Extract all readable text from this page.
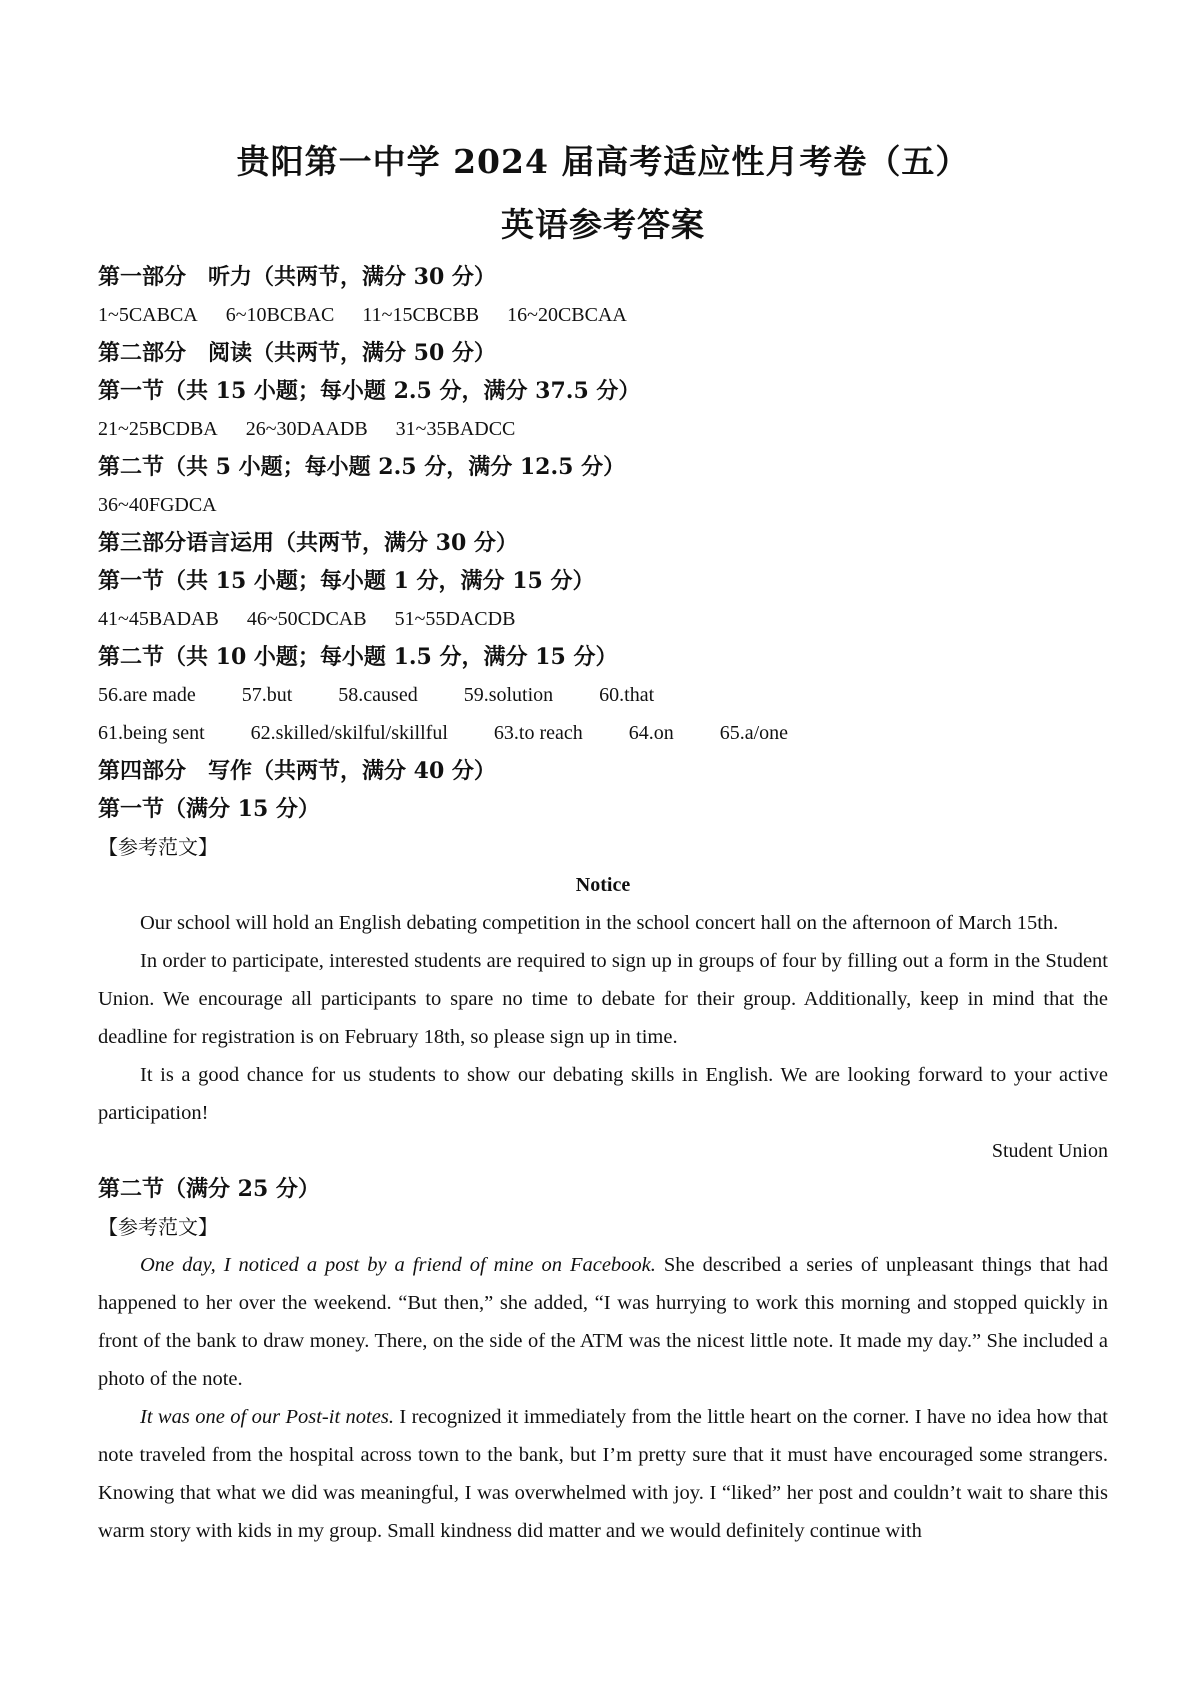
贵阳第一中学 2024 届高考适应性月考卷（五）
英语参考答案
第一部分　听力（共两节，满分 30 分）
1~5CABCA 6~10BCBAC 11~15CBCBB 16~20CBCAA
第二部分　阅读（共两节，满分 50 分）
第一节（共 15 小题；每小题 2.5 分，满分 37.5 分）
21~25BCDBA 26~30DAADB 31~35BADCC
第二节（共 5 小题；每小题 2.5 分，满分 12.5 分）
36~40FGDCA
第三部分语言运用（共两节，满分 30 分）
第一节（共 15 小题；每小题 1 分，满分 15 分）
41~45BADAB 46~50CDCAB 51~55DACDB
第二节（共 10 小题；每小题 1.5 分，满分 15 分）
56.are made 57.but 58.caused 59.solution 60.that
61.being sent 62.skilled/skilful/skillful 63.to reach 64.on 65.a/one
第四部分　写作（共两节，满分 40 分）
第一节（满分 15 分）
【参考范文】
Notice

Our school will hold an English debating competition in the school concert hall on the afternoon of March 15th.

In order to participate, interested students are required to sign up in groups of four by filling out a form in the Student Union. We encourage all participants to spare no time to debate for their group. Additionally, keep in mind that the deadline for registration is on February 18th, so please sign up in time.

It is a good chance for us students to show our debating skills in English. We are looking forward to your active participation!

Student Union
第二节（满分 25 分）
【参考范文】

One day, I noticed a post by a friend of mine on Facebook. She described a series of unpleasant things that had happened to her over the weekend. “But then,” she added, “I was hurrying to work this morning and stopped quickly in front of the bank to draw money. There, on the side of the ATM was the nicest little note. It made my day.” She included a photo of the note.

It was one of our Post-it notes. I recognized it immediately from the little heart on the corner. I have no idea how that note traveled from the hospital across town to the bank, but I’m pretty sure that it must have encouraged some strangers. Knowing that what we did was meaningful, I was overwhelmed with joy. I “liked” her post and couldn’t wait to share this warm story with kids in my group. Small kindness did matter and we would definitely continue with
